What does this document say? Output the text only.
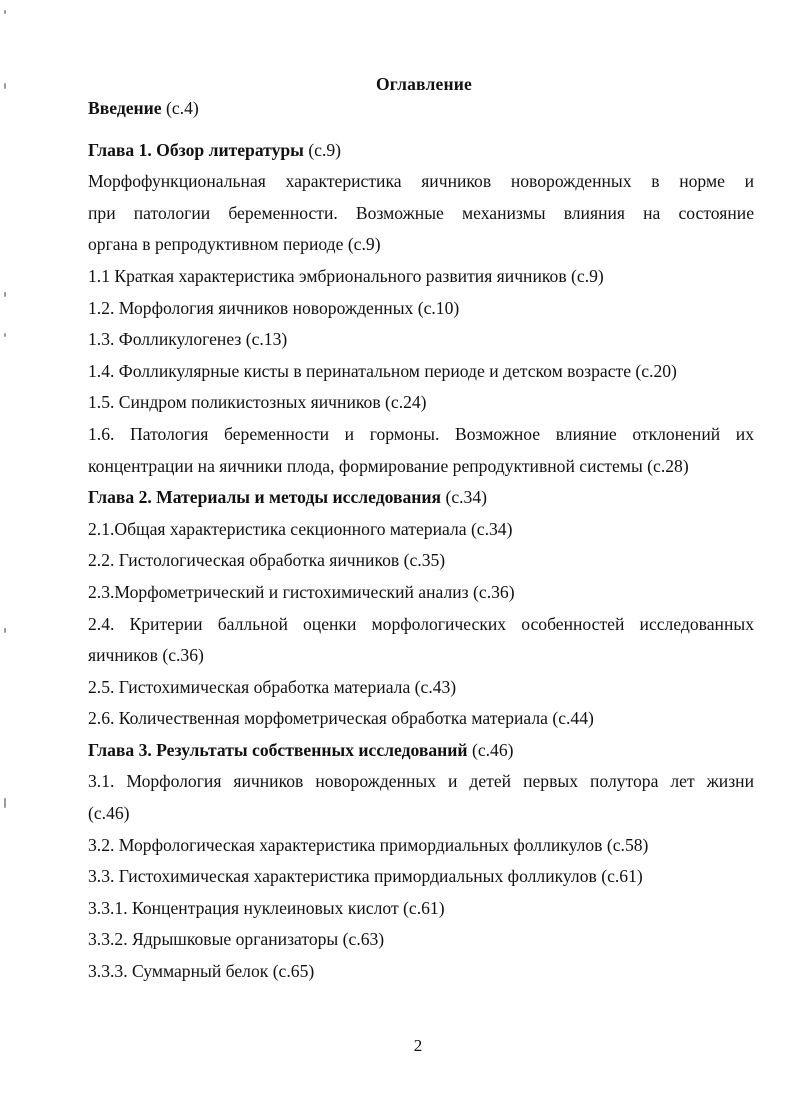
Оглавление
Введение (с.4)
Глава 1. Обзор литературы (с.9)
Морфофункциональная характеристика яичников новорожденных в норме и
при патологии беременности. Возможные механизмы влияния на состояние
органа в репродуктивном периоде (с.9)
1.1 Краткая характеристика эмбрионального развития яичников (с.9)
1.2. Морфология яичников новорожденных (с.10)
1.3. Фолликулогенез (с.13)
1.4. Фолликулярные кисты в перинатальном периоде и детском возрасте (с.20)
1.5. Синдром поликистозных яичников (с.24)
1.6. Патология беременности и гормоны. Возможное влияние отклонений их
концентрации на яичники плода, формирование репродуктивной системы (с.28)
Глава 2. Материалы и методы исследования (с.34)
2.1.Общая характеристика секционного материала (с.34)
2.2. Гистологическая обработка яичников (с.35)
2.3.Морфометрический и гистохимический анализ (с.36)
2.4. Критерии балльной оценки морфологических особенностей исследованных
яичников (с.36)
2.5. Гистохимическая обработка материала (с.43)
2.6. Количественная морфометрическая обработка материала (с.44)
Глава 3. Результаты собственных исследований (с.46)
3.1. Морфология яичников новорожденных и детей первых полутора лет жизни
(с.46)
3.2. Морфологическая характеристика примордиальных фолликулов (с.58)
3.3. Гистохимическая характеристика примордиальных фолликулов (с.61)
3.3.1. Концентрация нуклеиновых кислот (с.61)
3.3.2. Ядрышковые организаторы (с.63)
3.3.3. Суммарный белок (с.65)
2
